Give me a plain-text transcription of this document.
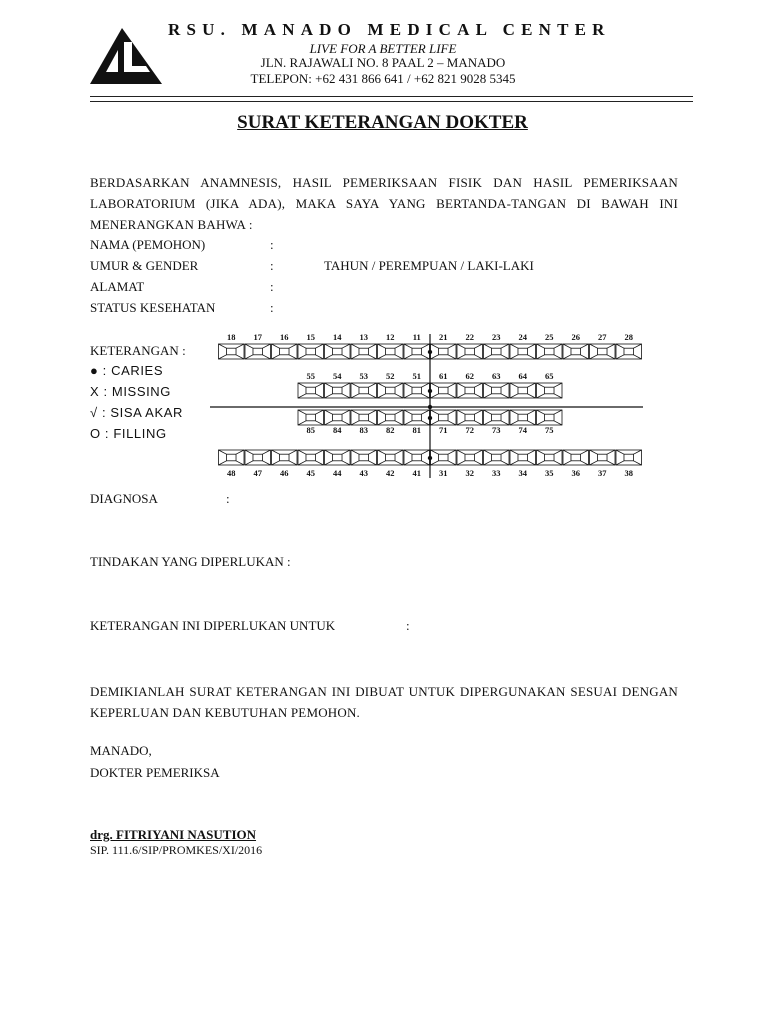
RSU. MANADO MEDICAL CENTER
LIVE FOR A BETTER LIFE
JLN. RAJAWALI NO. 8 PAAL 2 – MANADO
TELEPON: +62 431 866 641 / +62 821 9028 5345
SURAT KETERANGAN DOKTER
BERDASARKAN ANAMNESIS, HASIL PEMERIKSAAN FISIK DAN HASIL PEMERIKSAAN LABORATORIUM (JIKA ADA), MAKA SAYA YANG BERTANDA-TANGAN DI BAWAH INI MENERANGKAN BAHWA :
NAMA (PEMOHON)	:
UMUR & GENDER	:	TAHUN / PEREMPUAN / LAKI-LAKI
ALAMAT	:
STATUS KESEHATAN	:
KETERANGAN :
● : CARIES
X : MISSING
√ : SISA AKAR
O : FILLING
18 17 16 15 14 13 12 11 21 22 23 24 25 26 27 28
55 54 53 52 51 61 62 63 64 65
85 84 83 82 81 71 72 73 74 75
48 47 46 45 44 43 42 41 31 32 33 34 35 36 37 38
DIAGNOSA	:
TINDAKAN YANG DIPERLUKAN :
KETERANGAN INI DIPERLUKAN UNTUK	:
DEMIKIANLAH SURAT KETERANGAN INI DIBUAT UNTUK DIPERGUNAKAN SESUAI DENGAN KEPERLUAN DAN KEBUTUHAN PEMOHON.
MANADO,
DOKTER PEMERIKSA
drg. FITRIYANI NASUTION
SIP. 111.6/SIP/PROMKES/XI/2016
